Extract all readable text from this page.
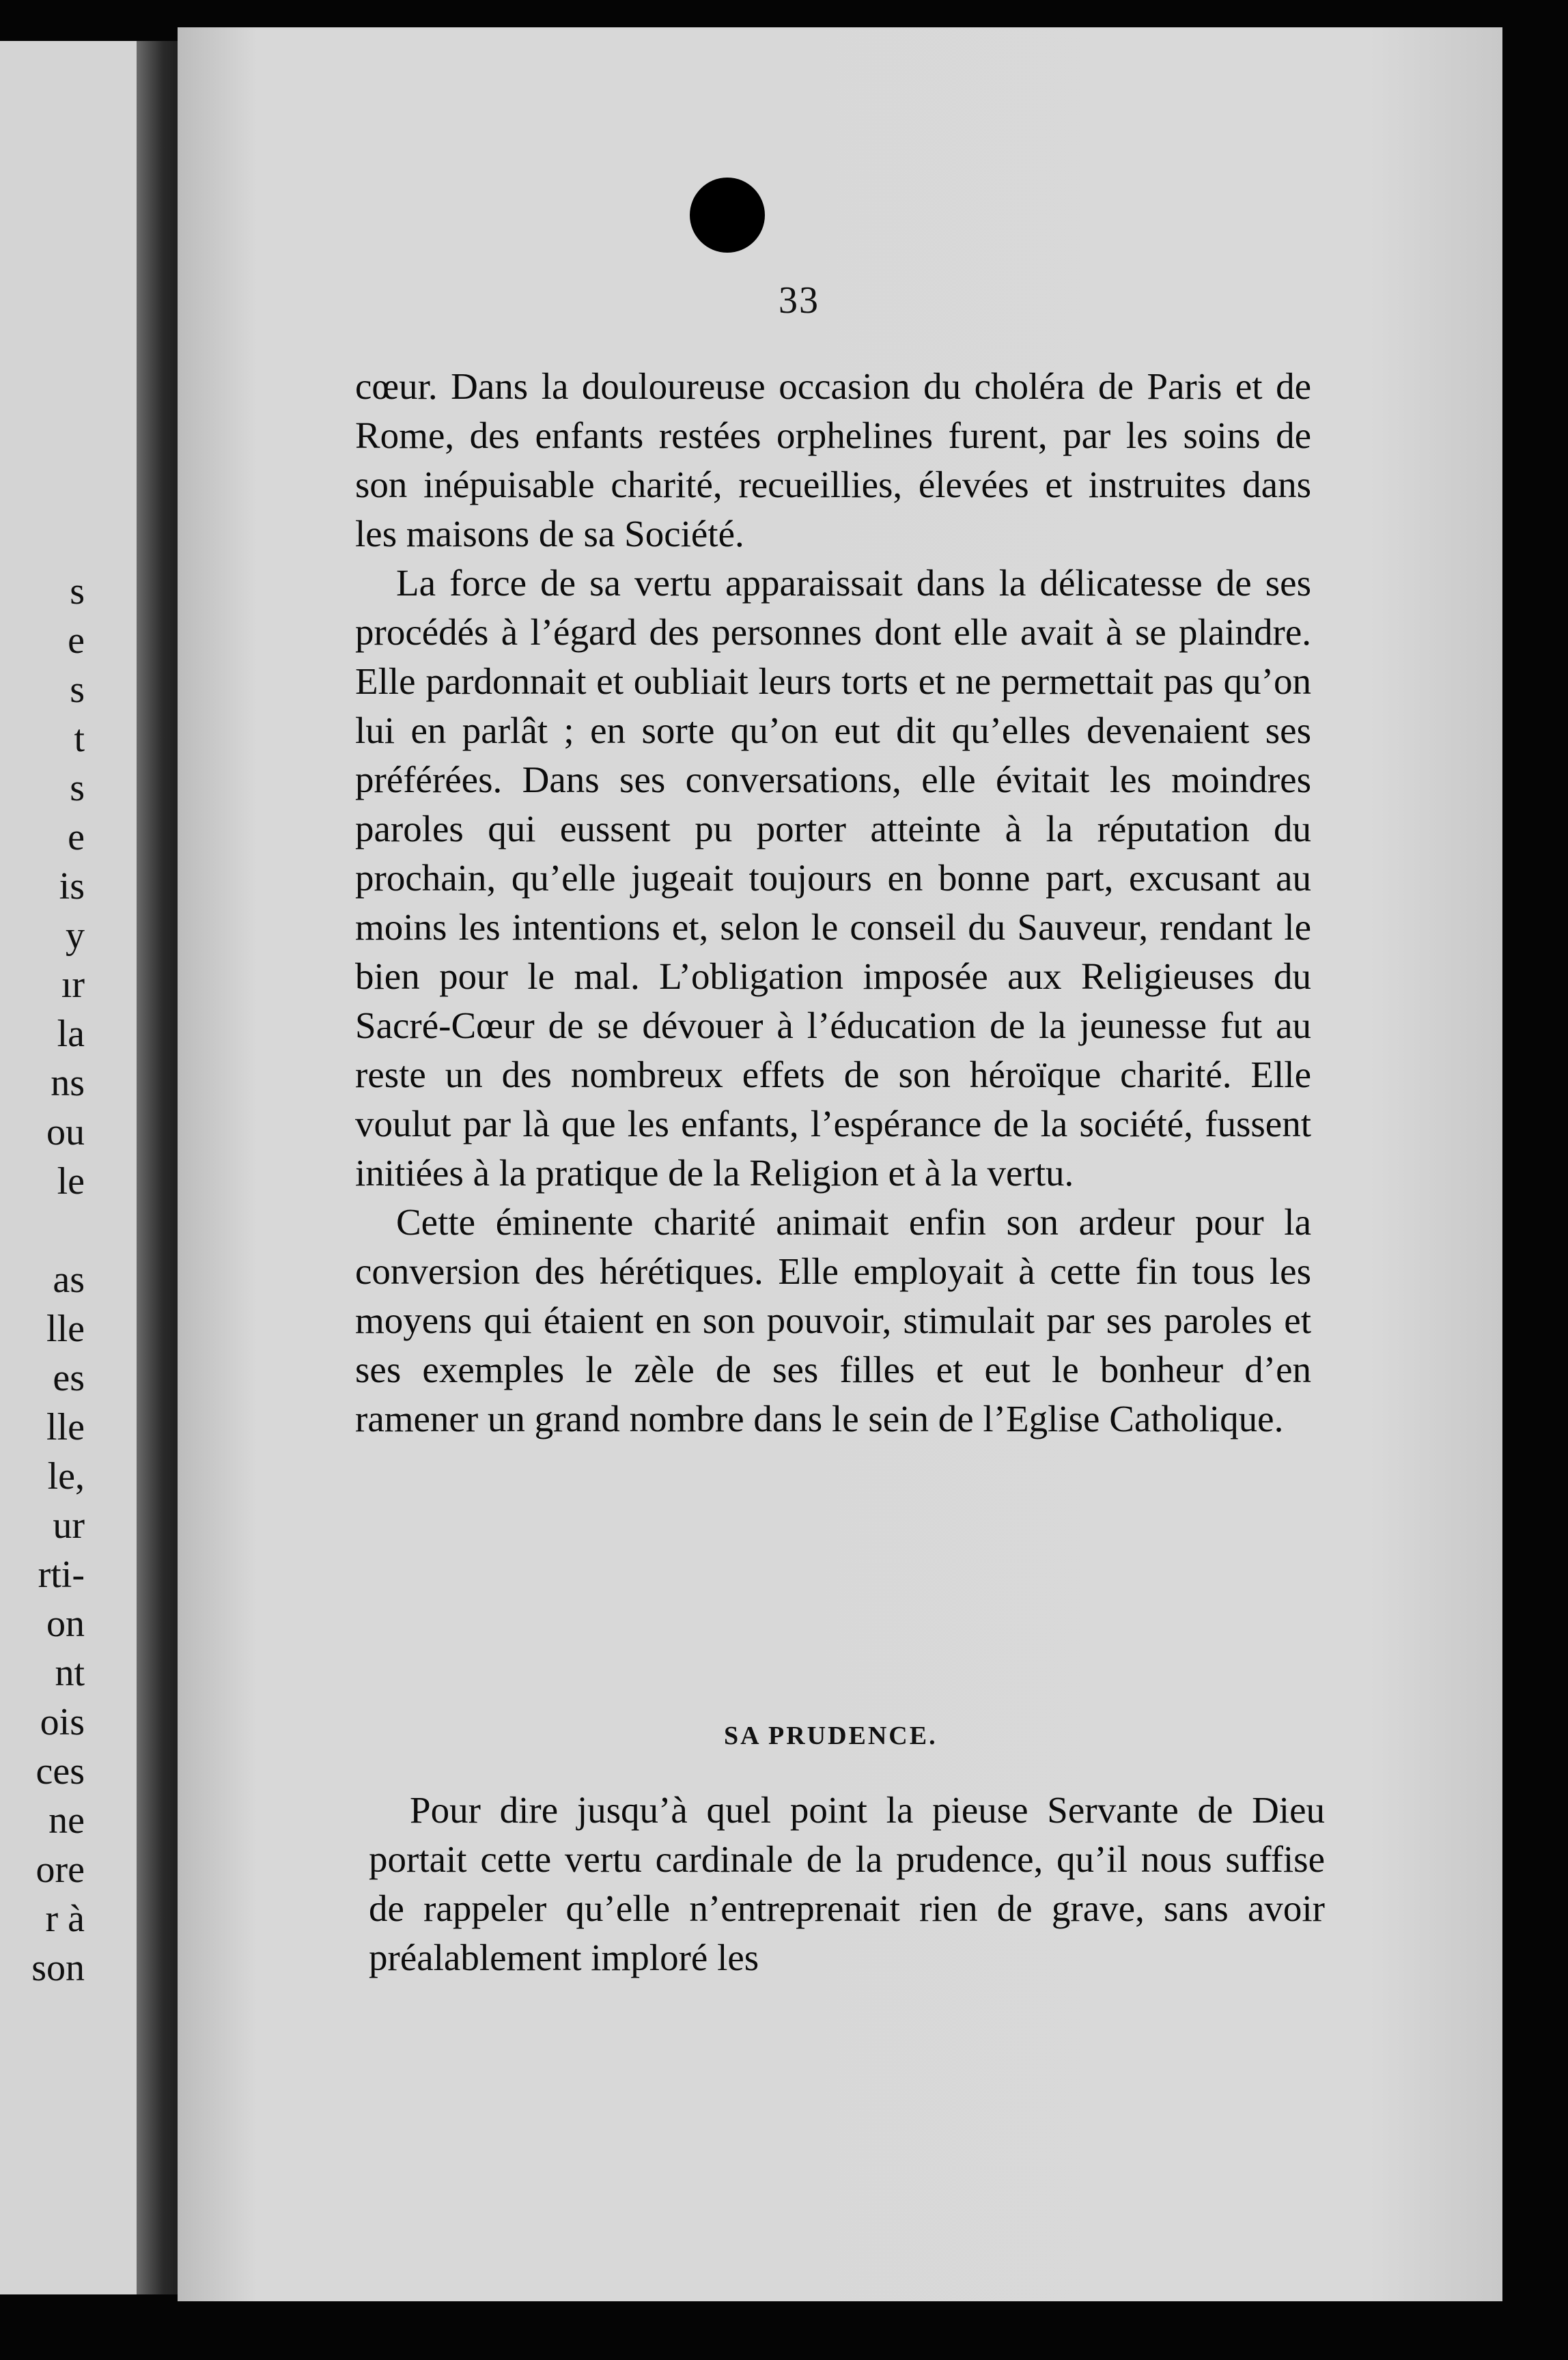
s
e
s
t
s
e
is
y
ır
la
ns
ou
le
as
lle
es
lle
le,
ur
rti-
on
nt
ois
ces
ne
ore
r à
son
33

cœur. Dans la douloureuse occasion du choléra de Paris et de Rome, des enfants restées orphelines furent, par les soins de son inépuisable charité, recueillies, élevées et instruites dans les maisons de sa Société.

La force de sa vertu apparaissait dans la délicatesse de ses procédés à l’égard des personnes dont elle avait à se plaindre. Elle pardonnait et oubliait leurs torts et ne permettait pas qu’on lui en parlât ; en sorte qu’on eut dit qu’elles devenaient ses préférées. Dans ses conversations, elle évitait les moindres paroles qui eussent pu porter atteinte à la réputation du prochain, qu’elle jugeait toujours en bonne part, excusant au moins les intentions et, selon le conseil du Sauveur, rendant le bien pour le mal. L’obligation imposée aux Religieuses du Sacré-Cœur de se dévouer à l’éducation de la jeunesse fut au reste un des nombreux effets de son héroïque charité. Elle voulut par là que les enfants, l’espérance de la société, fussent initiées à la pratique de la Religion et à la vertu.

Cette éminente charité animait enfin son ardeur pour la conversion des hérétiques. Elle employait à cette fin tous les moyens qui étaient en son pouvoir, stimulait par ses paroles et ses exemples le zèle de ses filles et eut le bonheur d’en ramener un grand nombre dans le sein de l’Eglise Catholique.

SA PRUDENCE.

Pour dire jusqu’à quel point la pieuse Servante de Dieu portait cette vertu cardinale de la prudence, qu’il nous suffise de rappeler qu’elle n’entreprenait rien de grave, sans avoir préalablement imploré les
